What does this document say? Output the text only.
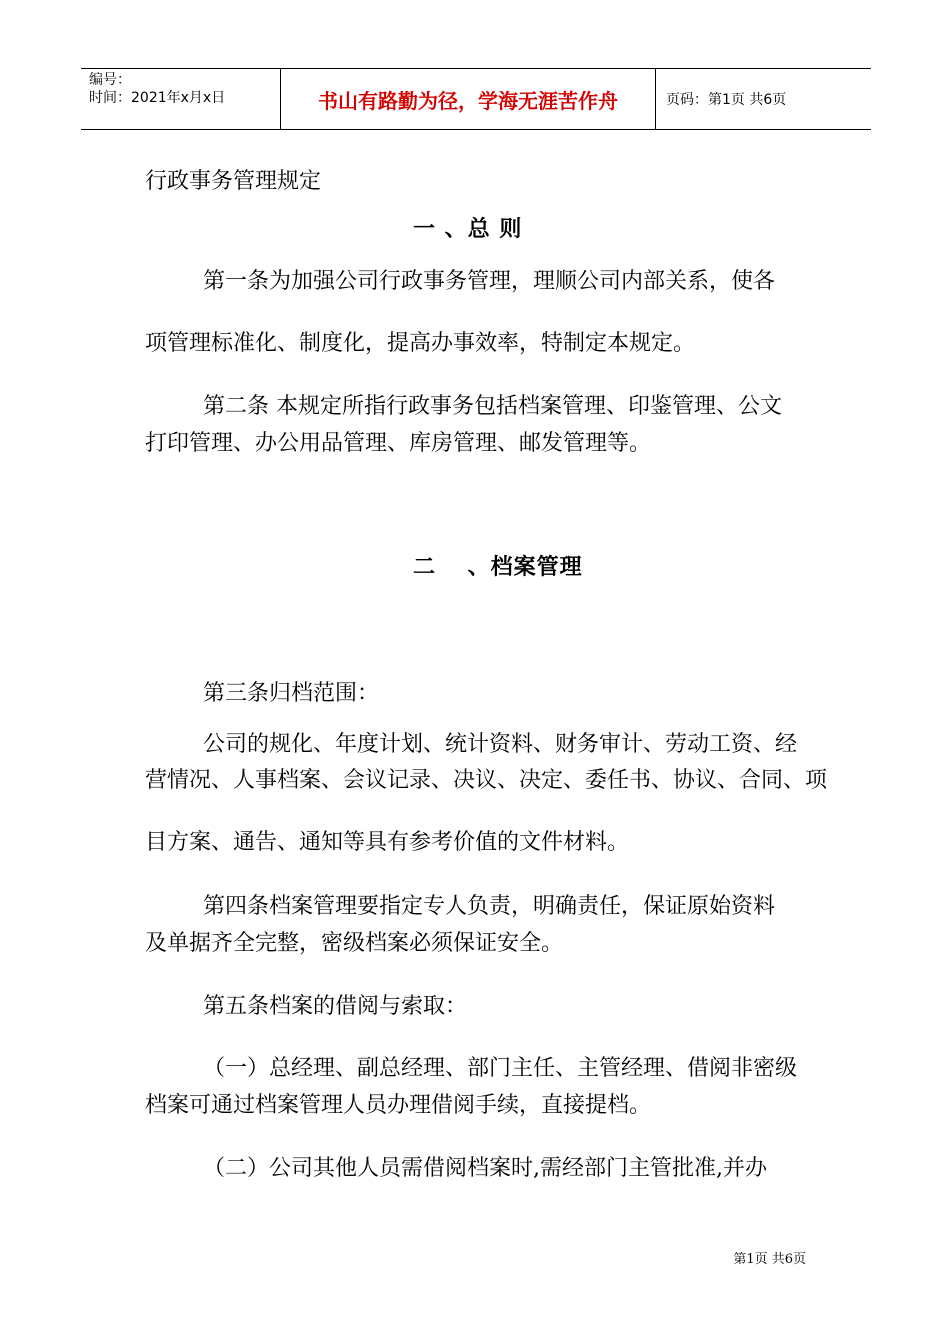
编号：
时间：2021年x月x日	书山有路勤为径，学海无涯苦作舟	页码：第1页 共6页
行政事务管理规定
一 、总 则
第一条为加强公司行政事务管理，理顺公司内部关系，使各
项管理标准化、制度化，提高办事效率，特制定本规定。
第二条 本规定所指行政事务包括档案管理、印鉴管理、公文
打印管理、办公用品管理、库房管理、邮发管理等。
二　 、档案管理
第三条归档范围：
公司的规化、年度计划、统计资料、财务审计、劳动工资、经
营情况、人事档案、会议记录、决议、决定、委任书、协议、合同、项
目方案、通告、通知等具有参考价值的文件材料。
第四条档案管理要指定专人负责，明确责任，保证原始资料
及单据齐全完整，密级档案必须保证安全。
第五条档案的借阅与索取：
（一）总经理、副总经理、部门主任、主管经理、借阅非密级
档案可通过档案管理人员办理借阅手续，直接提档。
（二）公司其他人员需借阅档案时,需经部门主管批准,并办
第1页 共6页
